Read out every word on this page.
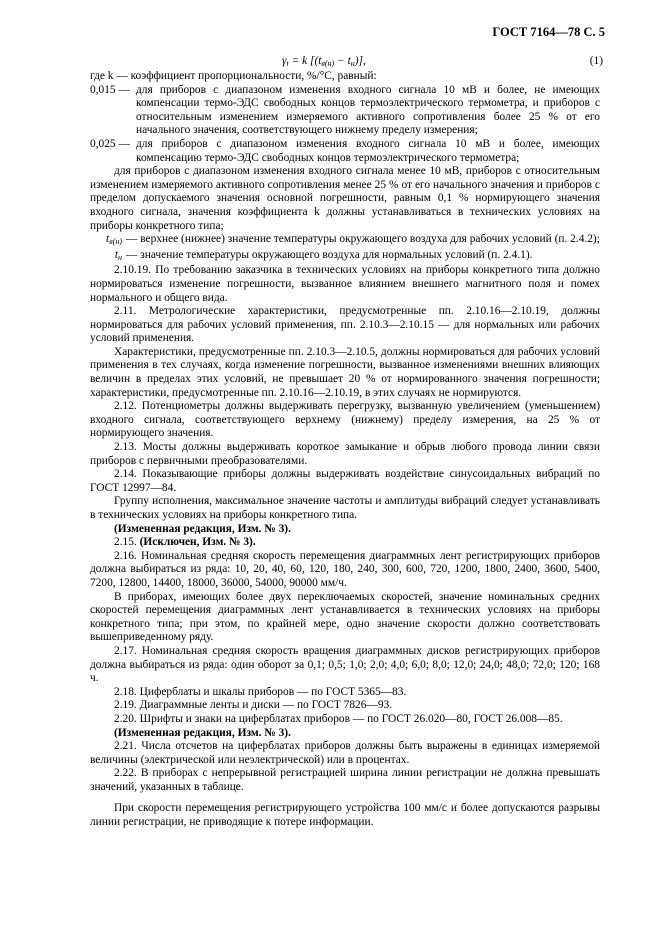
ГОСТ 7164—78 С. 5
$\gamma_t = k$ $[(t_{в(н)} - t_н)]$,	(1)

где k — коэффициент пропорциональности, %/°С, равный:

0,015 — для приборов с диапазоном изменения входного сигнала 10 мВ и более, не имеющих компенсации термо-ЭДС свободных концов термоэлектрического термометра, и приборов с относительным изменением измеряемого активного сопротивления более 25 % от его начального значения, соответствующего нижнему пределу измерения;
0,025 — для приборов с диапазоном изменения входного сигнала 10 мВ и более, имеющих компенсацию термо-ЭДС свободных концов термоэлектрического термометра;

для приборов с диапазоном изменения входного сигнала менее 10 мВ, приборов с относительным изменением измеряемого активного сопротивления менее 25 % от его начального значения и приборов с пределом допускаемого значения основной погрешности, равным 0,1 % нормирующего значения входного сигнала, значения коэффициента k должны устанавливаться в технических условиях на приборы конкретного типа;

$t_{в(н)}$ — верхнее (нижнее) значение температуры окружающего воздуха для рабочих условий (п. 2.4.2);
$t_н$ — значение температуры окружающего воздуха для нормальных условий (п. 2.4.1).

2.10.19. По требованию заказчика в технических условиях на приборы конкретного типа должно нормироваться изменение погрешности, вызванное влиянием внешнего магнитного поля и помех нормального и общего вида.

2.11. Метрологические характеристики, предусмотренные пп. 2.10.16—2.10.19, должны нормироваться для рабочих условий применения, пп. 2.10.3—2.10.15 — для нормальных или рабочих условий применения.

Характеристики, предусмотренные пп. 2.10.3—2.10.5, должны нормироваться для рабочих условий применения в тех случаях, когда изменение погрешности, вызванное изменениями внешних влияющих величин в пределах этих условий, не превышает 20 % от нормированного значения погрешности; характеристики, предусмотренные пп. 2.10.16—2.10.19, в этих случаях не нормируются.

2.12. Потенциометры должны выдерживать перегрузку, вызванную увеличением (уменьшением) входного сигнала, соответствующего верхнему (нижнему) пределу измерения, на 25 % от нормирующего значения.

2.13. Мосты должны выдерживать короткое замыкание и обрыв любого провода линии связи приборов с первичными преобразователями.

2.14. Показывающие приборы должны выдерживать воздействие синусоидальных вибраций по ГОСТ 12997—84.

Группу исполнения, максимальное значение частоты и амплитуды вибраций следует устанавливать в технических условиях на приборы конкретного типа.

(Измененная редакция, Изм. № 3).

2.15. (Исключен, Изм. № 3).

2.16. Номинальная средняя скорость перемещения диаграммных лент регистрирующих приборов должна выбираться из ряда: 10, 20, 40, 60, 120, 180, 240, 300, 600, 720, 1200, 1800, 2400, 3600, 5400, 7200, 12800, 14400, 18000, 36000, 54000, 90000 мм/ч.

В приборах, имеющих более двух переключаемых скоростей, значение номинальных средних скоростей перемещения диаграммных лент устанавливается в технических условиях на приборы конкретного типа; при этом, по крайней мере, одно значение скорости должно соответствовать вышеприведенному ряду.

2.17. Номинальная средняя скорость вращения диаграммных дисков регистрирующих приборов должна выбираться из ряда: один оборот за 0,1; 0,5; 1,0; 2,0; 4,0; 6,0; 8,0; 12,0; 24,0; 48,0; 72,0; 120; 168 ч.

2.18. Циферблаты и шкалы приборов — по ГОСТ 5365—83.

2.19. Диаграммные ленты и диски — по ГОСТ 7826—93.

2.20. Шрифты и знаки на циферблатах приборов — по ГОСТ 26.020—80, ГОСТ 26.008—85.

(Измененная редакция, Изм. № 3).

2.21. Числа отсчетов на циферблатах приборов должны быть выражены в единицах измеряемой величины (электрической или неэлектрической) или в процентах.

2.22. В приборах с непрерывной регистрацией ширина линии регистрации не должна превышать значений, указанных в таблице.

При скорости перемещения регистрирующего устройства 100 мм/с и более допускаются разрывы линии регистрации, не приводящие к потере информации.
